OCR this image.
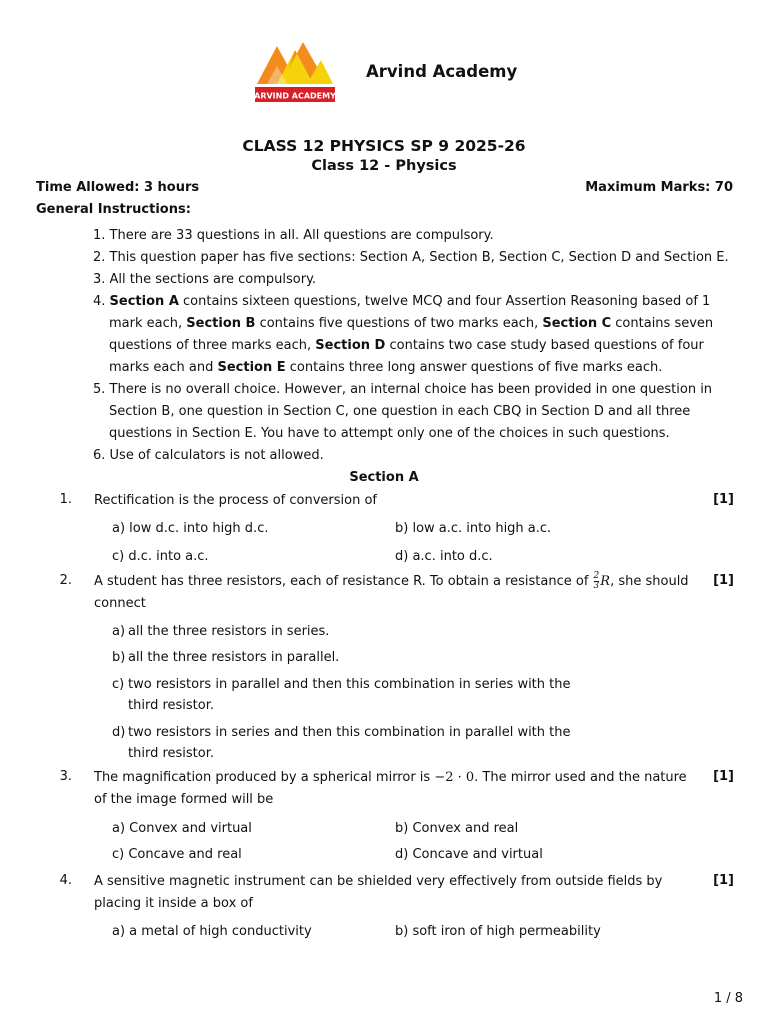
ARVIND ACADEMY
Arvind Academy
CLASS 12 PHYSICS SP 9 2025-26
Class 12 - Physics
Time Allowed: 3 hours	Maximum Marks: 70
General Instructions:

1. There are 33 questions in all. All questions are compulsory.

2. This question paper has five sections: Section A, Section B, Section C, Section D and Section E.

3. All the sections are compulsory.

4. Section A contains sixteen questions, twelve MCQ and four Assertion Reasoning based of 1 mark each, Section B contains five questions of two marks each, Section C contains seven questions of three marks each, Section D contains two case study based questions of four marks each and Section E contains three long answer questions of five marks each.

5. There is no overall choice. However, an internal choice has been provided in one question in Section B, one question in Section C, one question in each CBQ in Section D and all three questions in Section E. You have to attempt only one of the choices in such questions.

6. Use of calculators is not allowed.

Section A
1. Rectification is the process of conversion of	[1]
a) low d.c. into high d.c.	b) low a.c. into high a.c.
c) d.c. into a.c.	d) a.c. into d.c.
2. A student has three resistors, each of resistance R. To obtain a resistance of $\frac{2}{3} R$, she should connect
[1]
a) all the three resistors in series.
b) all the three resistors in parallel.
c) two resistors in parallel and then this combination in series with the third resistor.
d) two resistors in series and then this combination in parallel with the third resistor.
3. The magnification produced by a spherical mirror is −2 · 0. The mirror used and the nature of the image formed will be
[1]
a) Convex and virtual	b) Convex and real
c) Concave and real	d) Concave and virtual
4. A sensitive magnetic instrument can be shielded very effectively from outside fields by placing it inside a box of
[1]
a) a metal of high conductivity	b) soft iron of high permeability
1 / 8
